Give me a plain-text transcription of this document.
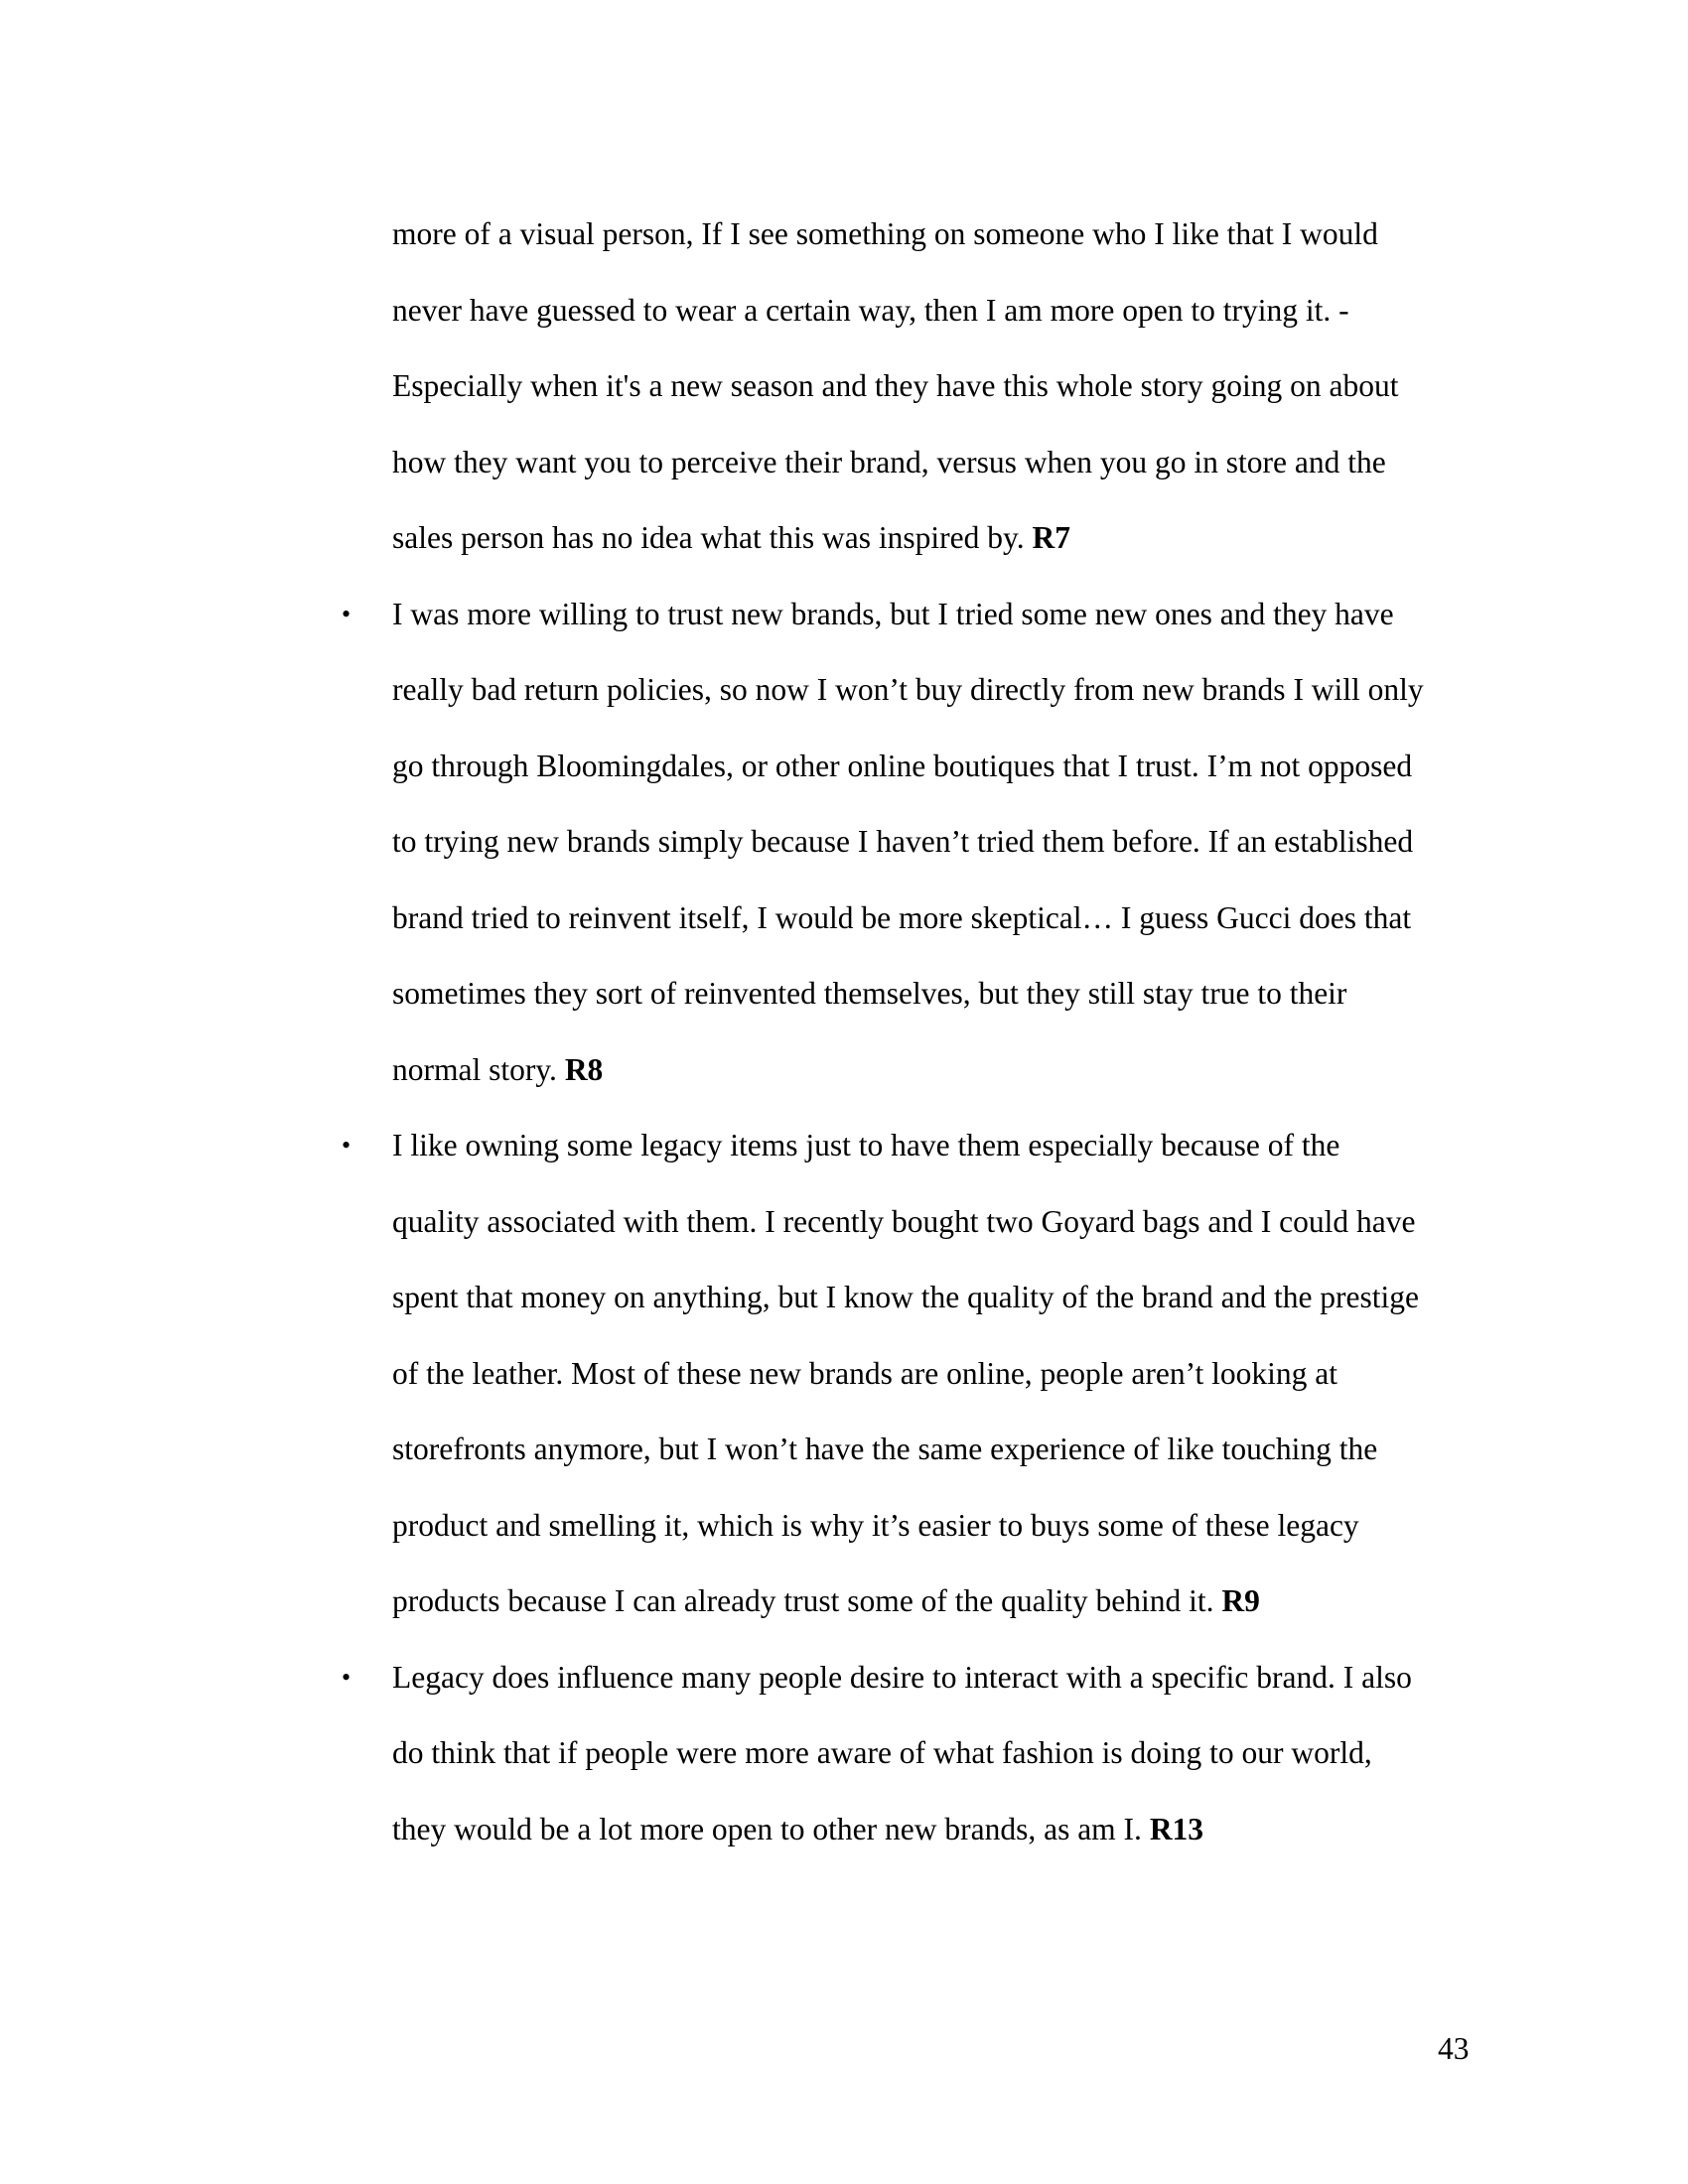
more of a visual person, If I see something on someone who I like that I would
never have guessed to wear a certain way, then I am more open to trying it. -
Especially when it's a new season and they have this whole story going on about
how they want you to perceive their brand, versus when you go in store and the
sales person has no idea what this was inspired by. R7
• I was more willing to trust new brands, but I tried some new ones and they have
really bad return policies, so now I won’t buy directly from new brands I will only
go through Bloomingdales, or other online boutiques that I trust. I’m not opposed
to trying new brands simply because I haven’t tried them before. If an established
brand tried to reinvent itself, I would be more skeptical… I guess Gucci does that
sometimes they sort of reinvented themselves, but they still stay true to their
normal story. R8
• I like owning some legacy items just to have them especially because of the
quality associated with them. I recently bought two Goyard bags and I could have
spent that money on anything, but I know the quality of the brand and the prestige
of the leather. Most of these new brands are online, people aren’t looking at
storefronts anymore, but I won’t have the same experience of like touching the
product and smelling it, which is why it’s easier to buys some of these legacy
products because I can already trust some of the quality behind it. R9
• Legacy does influence many people desire to interact with a specific brand. I also
do think that if people were more aware of what fashion is doing to our world,
they would be a lot more open to other new brands, as am I. R13
43
